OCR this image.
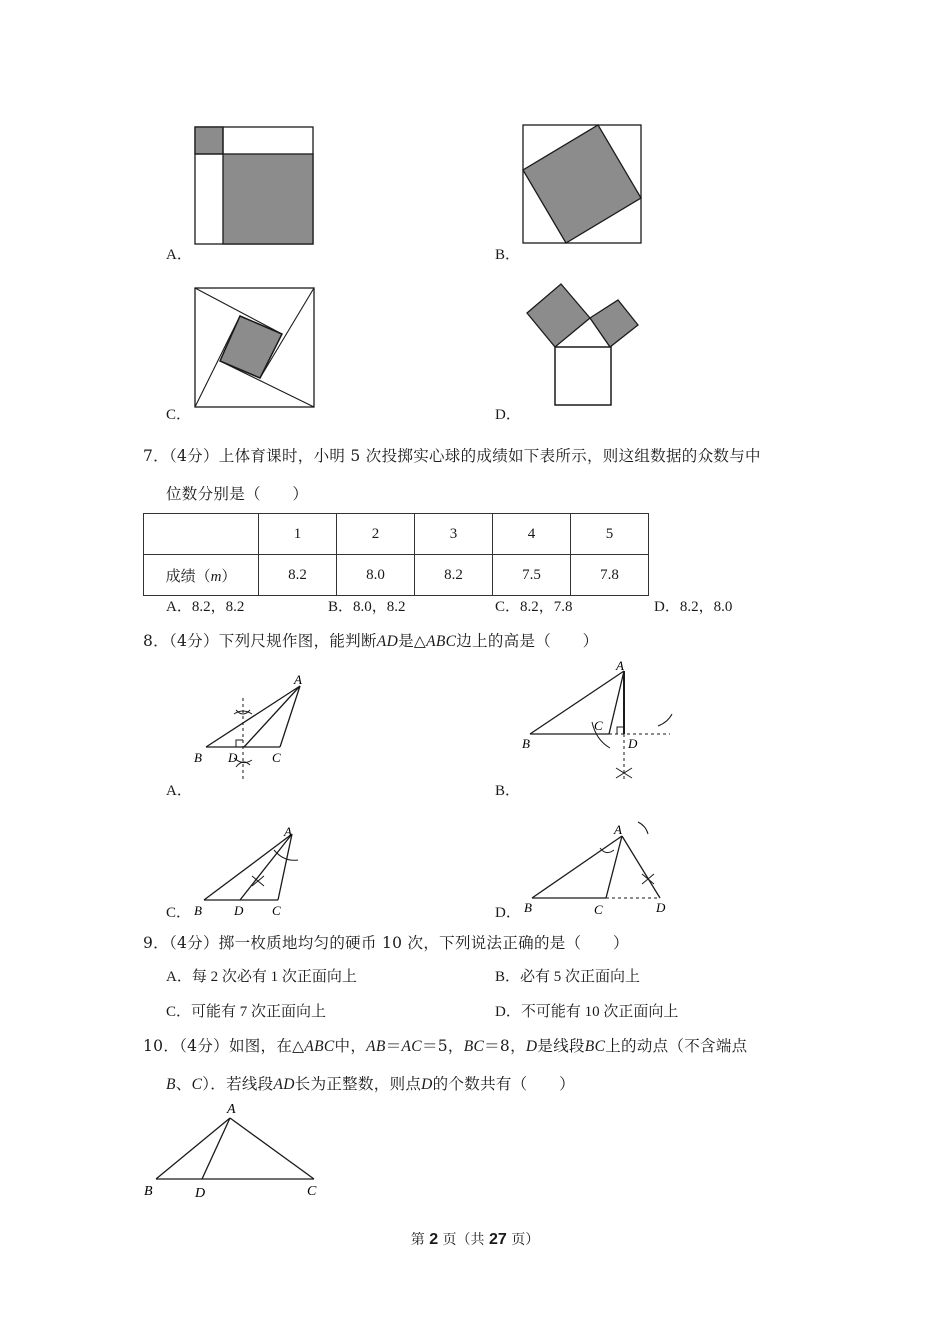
A．	B．
C．	D．
7．（4分）上体育课时，小明 5 次投掷实心球的成绩如下表所示，则这组数据的众数与中
位数分别是（　　）
	1	2	3	4	5
成绩（m）	8.2	8.0	8.2	7.5	7.8
A．8.2，8.2	B．8.0，8.2	C．8.2，7.8	D．8.2，8.0
8．（4分）下列尺规作图，能判断AD是△ABC边上的高是（　　）
A
B D	C
A．
A
B
C
D
B．
A
B D C
C．
A
B	C	D
D．
9．（4分）掷一枚质地均匀的硬币 10 次，下列说法正确的是（　　）
A．每 2 次必有 1 次正面向上	B．必有 5 次正面向上
C．可能有 7 次正面向上	D．不可能有 10 次正面向上
10．（4分）如图，在△ABC中，AB＝AC＝5，BC＝8，D是线段BC上的动点（不含端点
B、C）．若线段AD长为正整数，则点D的个数共有（　　）
A
B	D	C
第 2 页（共 27 页）
